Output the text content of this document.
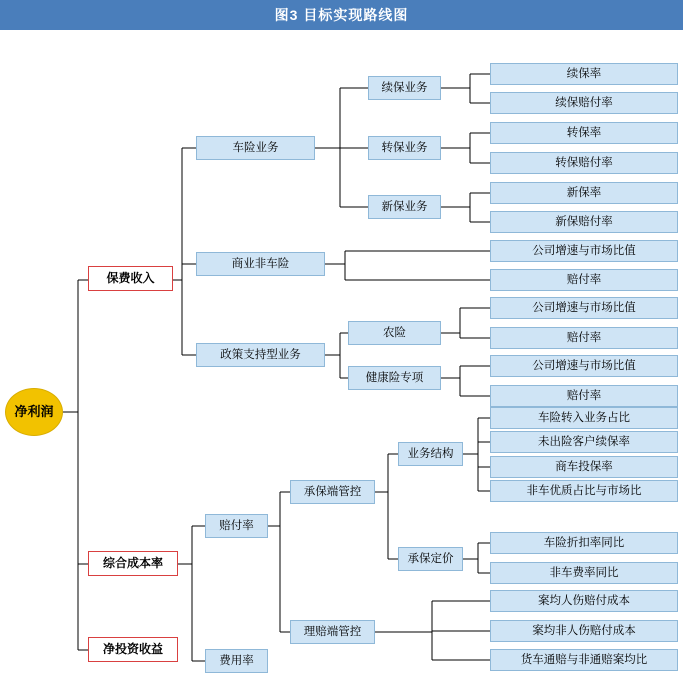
图3 目标实现路线图
净利润
保费收入
综合成本率
净投资收益
车险业务
商业非车险
政策支持型业务
赔付率
费用率
续保业务
转保业务
新保业务
农险
健康险专项
承保端管控
理赔端管控
业务结构
承保定价
续保率
续保赔付率
转保率
转保赔付率
新保率
新保赔付率
公司增速与市场比值
赔付率
公司增速与市场比值
赔付率
公司增速与市场比值
赔付率
车险转入业务占比
未出险客户续保率
商车投保率
非车优质占比与市场比
车险折扣率同比
非车费率同比
案均人伤赔付成本
案均非人伤赔付成本
货车通赔与非通赔案均比
